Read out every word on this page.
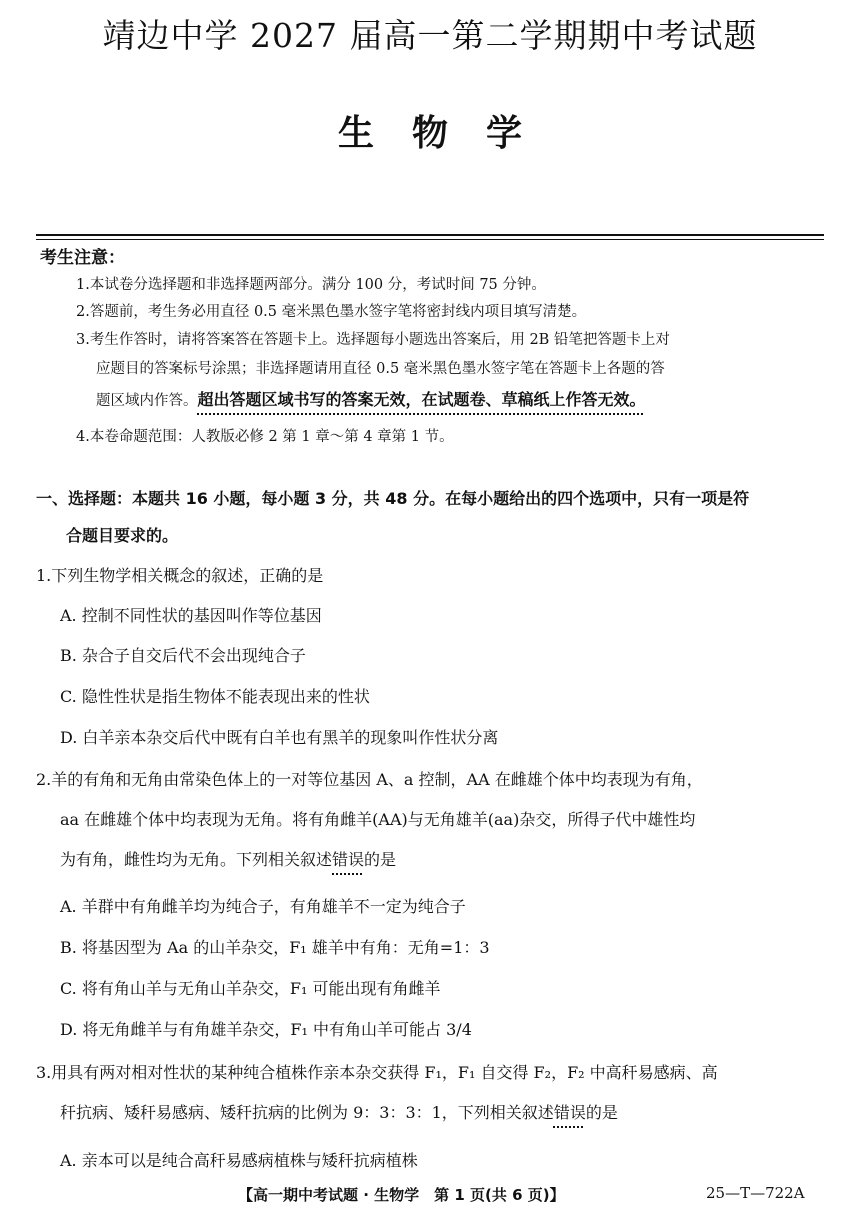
靖边中学 2027 届高一第二学期期中考试题
生物学
考生注意：
1.本试卷分选择题和非选择题两部分。满分 100 分，考试时间 75 分钟。
2.答题前，考生务必用直径 0.5 毫米黑色墨水签字笔将密封线内项目填写清楚。
3.考生作答时，请将答案答在答题卡上。选择题每小题选出答案后，用 2B 铅笔把答题卡上对
应题目的答案标号涂黑；非选择题请用直径 0.5 毫米黑色墨水签字笔在答题卡上各题的答
题区域内作答。超出答题区域书写的答案无效，在试题卷、草稿纸上作答无效。
4.本卷命题范围：人教版必修 2 第 1 章～第 4 章第 1 节。
一、选择题：本题共 16 小题，每小题 3 分，共 48 分。在每小题给出的四个选项中，只有一项是符
合题目要求的。
1.下列生物学相关概念的叙述，正确的是
A. 控制不同性状的基因叫作等位基因
B. 杂合子自交后代不会出现纯合子
C. 隐性性状是指生物体不能表现出来的性状
D. 白羊亲本杂交后代中既有白羊也有黑羊的现象叫作性状分离
2.羊的有角和无角由常染色体上的一对等位基因 A、a 控制，AA 在雌雄个体中均表现为有角，
aa 在雌雄个体中均表现为无角。将有角雌羊(AA)与无角雄羊(aa)杂交，所得子代中雄性均
为有角，雌性均为无角。下列相关叙述错误的是
A. 羊群中有角雌羊均为纯合子，有角雄羊不一定为纯合子
B. 将基因型为 Aa 的山羊杂交，F₁ 雄羊中有角：无角=1：3
C. 将有角山羊与无角山羊杂交，F₁ 可能出现有角雌羊
D. 将无角雌羊与有角雄羊杂交，F₁ 中有角山羊可能占 3/4
3.用具有两对相对性状的某种纯合植株作亲本杂交获得 F₁，F₁ 自交得 F₂，F₂ 中高秆易感病、高
秆抗病、矮秆易感病、矮秆抗病的比例为 9：3：3：1，下列相关叙述错误的是
A. 亲本可以是纯合高秆易感病植株与矮秆抗病植株
【高一期中考试题 · 生物学　第 1 页(共 6 页)】	25—T—722A
